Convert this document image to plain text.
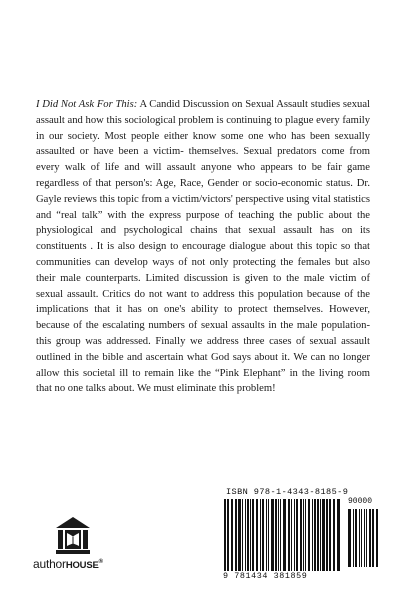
I Did Not Ask For This: A Candid Discussion on Sexual Assault studies sexual assault and how this sociological problem is continuing to plague every family in our society. Most people either know some one who has been sexually assaulted or have been a victim- themselves. Sexual predators come from every walk of life and will assault anyone who appears to be fair game regardless of that person's: Age, Race, Gender or socio-economic status. Dr. Gayle reviews this topic from a victim/victors' perspective using vital statistics and “real talk” with the express purpose of teaching the public about the physiological and psychological chains that sexual assault has on its constituents . It is also design to encourage dialogue about this topic so that communities can develop ways of not only protecting the females but also their male counterparts. Limited discussion is given to the male victim of sexual assault. Critics do not want to address this population because of the implications that it has on one's ability to protect themselves. However, because of the escalating numbers of sexual assaults in the male population-this group was addressed. Finally we address three cases of sexual assault outlined in the bible and ascertain what God says about it. We can no longer allow this societal ill to remain like the “Pink Elephant” in the living room that no one talks about. We must eliminate this problem!

authorHOUSE®
ISBN 978-1-4343-8185-9
90000
9 781434 381859
